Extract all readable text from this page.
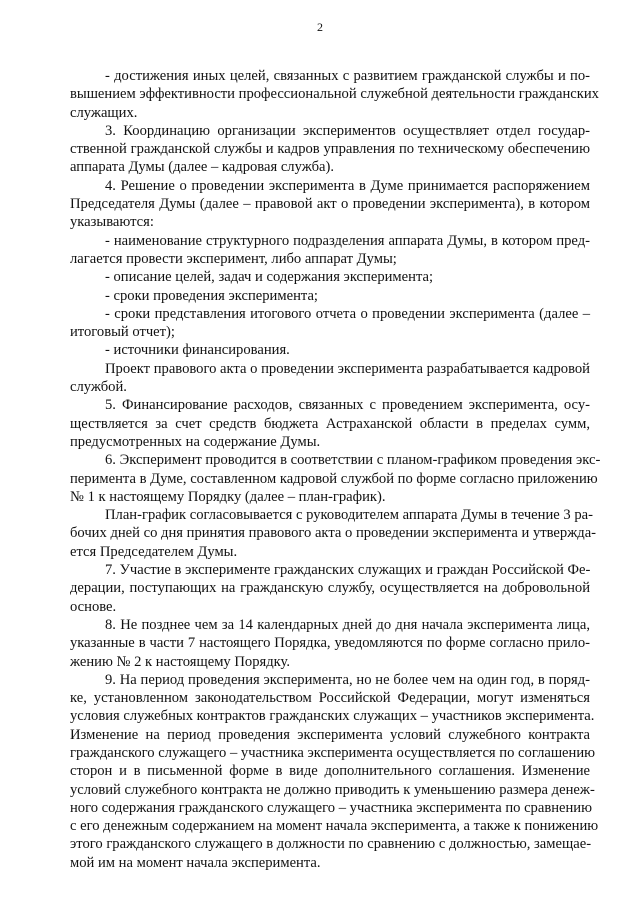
2
- достижения иных целей, связанных с развитием гражданской службы и по-
вышением эффективности профессиональной служебной деятельности гражданских
служащих.
3. Координацию организации экспериментов осуществляет отдел государ-
ственной гражданской службы и кадров управления по техническому обеспечению
аппарата Думы (далее – кадровая служба).
4. Решение о проведении эксперимента в Думе принимается распоряжением
Председателя Думы (далее – правовой акт о проведении эксперимента), в котором
указываются:
- наименование структурного подразделения аппарата Думы, в котором пред-
лагается провести эксперимент, либо аппарат Думы;
- описание целей, задач и содержания эксперимента;
- сроки проведения эксперимента;
- сроки представления итогового отчета о проведении эксперимента (далее –
итоговый отчет);
- источники финансирования.
Проект правового акта о проведении эксперимента разрабатывается кадровой
службой.
5. Финансирование расходов, связанных с проведением эксперимента, осу-
ществляется за счет средств бюджета Астраханской области в пределах сумм,
предусмотренных на содержание Думы.
6. Эксперимент проводится в соответствии с планом-графиком проведения экс-
перимента в Думе, составленном кадровой службой по форме согласно приложению
№ 1 к настоящему Порядку (далее – план-график).
План-график согласовывается с руководителем аппарата Думы в течение 3 ра-
бочих дней со дня принятия правового акта о проведении эксперимента и утвержда-
ется Председателем Думы.
7. Участие в эксперименте гражданских служащих и граждан Российской Фе-
дерации, поступающих на гражданскую службу, осуществляется на добровольной
основе.
8. Не позднее чем за 14 календарных дней до дня начала эксперимента лица,
указанные в части 7 настоящего Порядка, уведомляются по форме согласно прило-
жению № 2 к настоящему Порядку.
9. На период проведения эксперимента, но не более чем на один год, в поряд-
ке, установленном законодательством Российской Федерации, могут изменяться
условия служебных контрактов гражданских служащих – участников эксперимента.
Изменение на период проведения эксперимента условий служебного контракта
гражданского служащего – участника эксперимента осуществляется по соглашению
сторон и в письменной форме в виде дополнительного соглашения. Изменение
условий служебного контракта не должно приводить к уменьшению размера денеж-
ного содержания гражданского служащего – участника эксперимента по сравнению
с его денежным содержанием на момент начала эксперимента, а также к понижению
этого гражданского служащего в должности по сравнению с должностью, замещае-
мой им на момент начала эксперимента.
